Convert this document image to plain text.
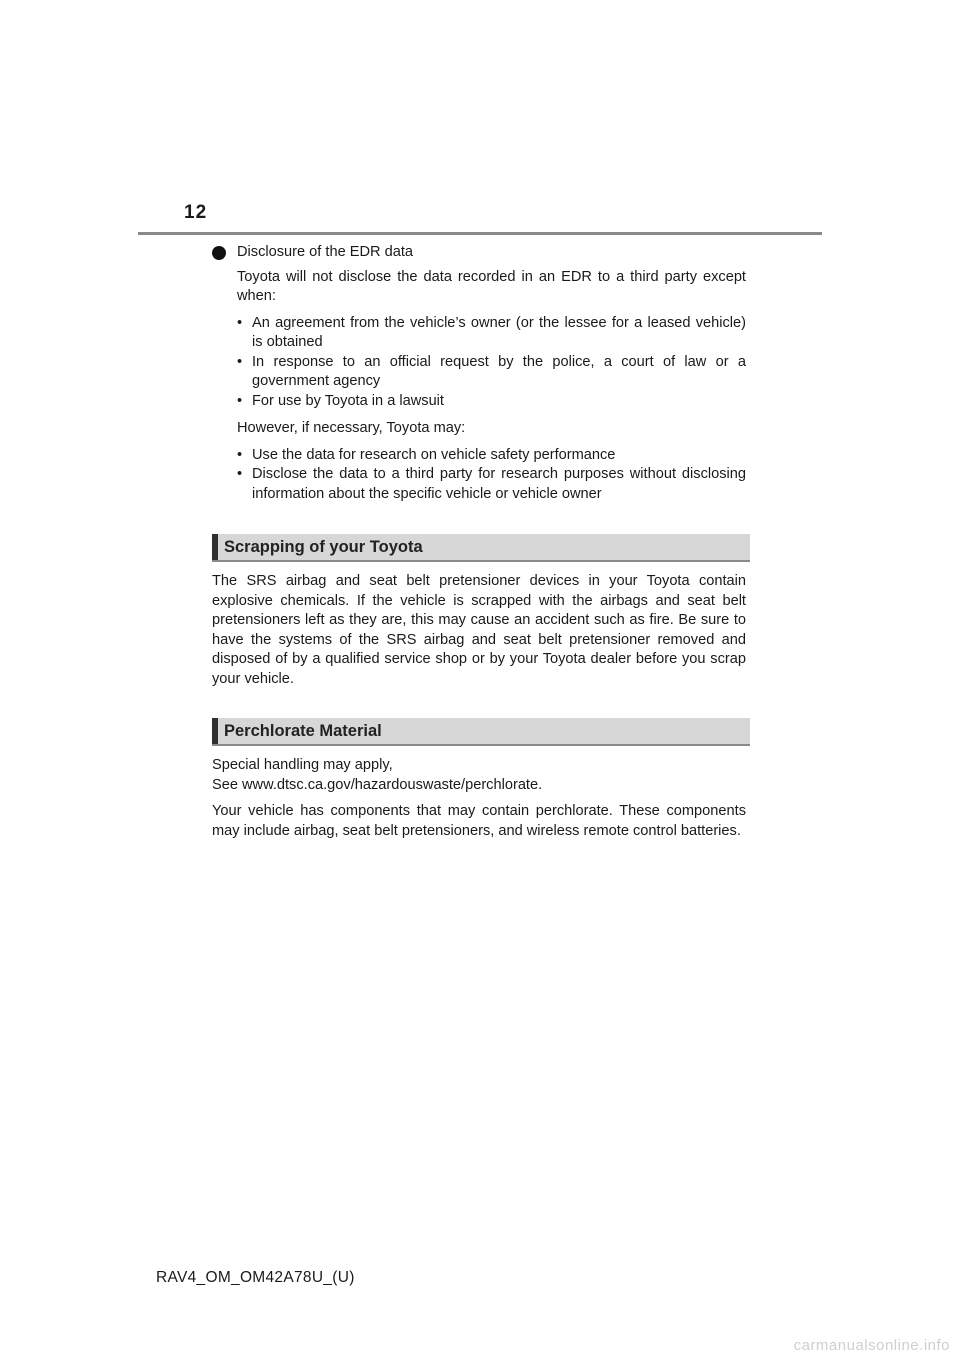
12
Disclosure of the EDR data

Toyota will not disclose the data recorded in an EDR to a third party except when:

• An agreement from the vehicle’s owner (or the lessee for a leased vehicle) is obtained
• In response to an official request by the police, a court of law or a government agency
• For use by Toyota in a lawsuit

However, if necessary, Toyota may:

• Use the data for research on vehicle safety performance
• Disclose the data to a third party for research purposes without disclosing information about the specific vehicle or vehicle owner
Scrapping of your Toyota

The SRS airbag and seat belt pretensioner devices in your Toyota contain explosive chemicals. If the vehicle is scrapped with the airbags and seat belt pretensioners left as they are, this may cause an accident such as fire. Be sure to have the systems of the SRS airbag and seat belt pretensioner removed and disposed of by a qualified service shop or by your Toyota dealer before you scrap your vehicle.

Perchlorate Material

Special handling may apply,
See www.dtsc.ca.gov/hazardouswaste/perchlorate.

Your vehicle has components that may contain perchlorate. These components may include airbag, seat belt pretensioners, and wireless remote control batteries.

RAV4_OM_OM42A78U_(U)
carmanualsonline.info
